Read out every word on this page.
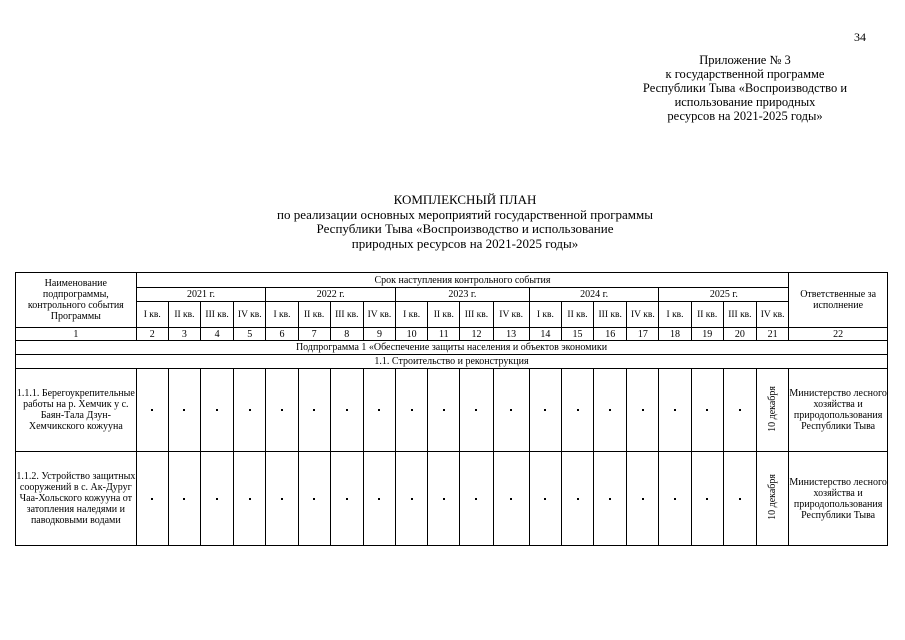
34
Приложение № 3
к государственной программе
Республики Тыва «Воспроизводство и
использование природных
ресурсов на 2021-2025 годы»
КОМПЛЕКСНЫЙ ПЛАН
по реализации основных мероприятий государственной программы
Республики Тыва «Воспроизводство и использование
природных ресурсов на 2021-2025 годы»
Наименование подпрограммы, контрольного события Программы	Срок наступления контрольного события																				Ответственные за исполнение
	2021 г.				2022 г.				2023 г.				2024 г.				2025 г.				
	I кв.	II кв.	III кв.	IV кв.	I кв.	II кв.	III кв.	IV кв.	I кв.	II кв.	III кв.	IV кв.	I кв.	II кв.	III кв.	IV кв.	I кв.	II кв.	III кв.	IV кв.	
1	2	3	4	5	6	7	8	9	10	11	12	13	14	15	16	17	18	19	20	21	22
Подпрограмма 1 «Обеспечение защиты населения и объектов экономики																					
1.1. Строительство и реконструкция																					
1.1.1. Берегоукрепительные работы на р. Хемчик у с. Баян-Тала Дзун-Хемчикского кожууна																				10 декабря	Министерство лесного хозяйства и природопользования Республики Тыва
1.1.2. Устройство защитных сооружений в с. Ак-Дуруг Чаа-Хольского кожууна от затопления наледями и паводковыми водами																				10 декабря	Министерство лесного хозяйства и природопользования Республики Тыва
